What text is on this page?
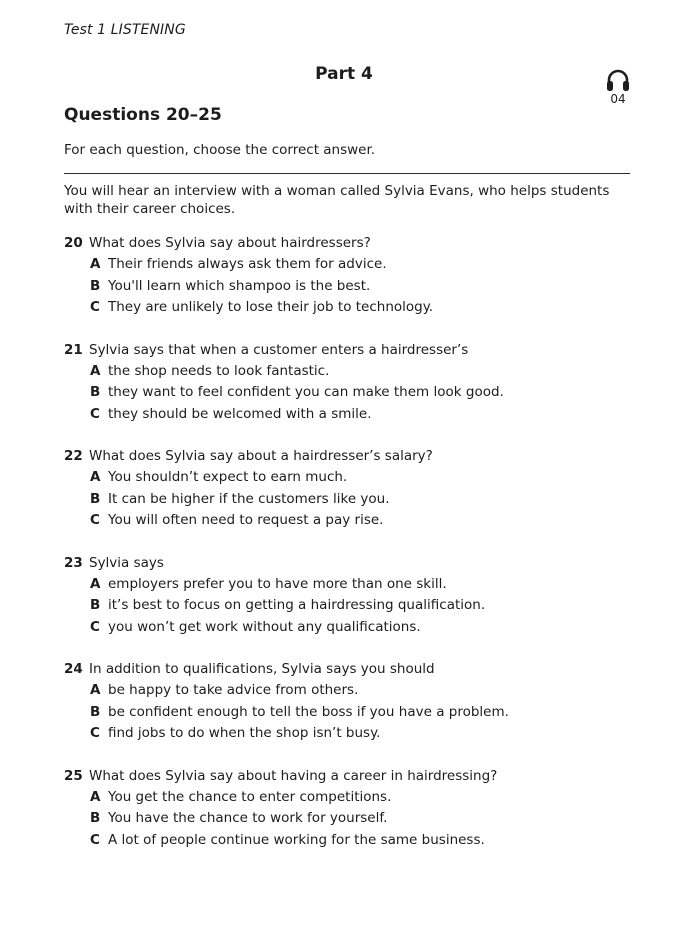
Test 1 LISTENING
Part 4
04
Questions 20–25
For each question, choose the correct answer.
You will hear an interview with a woman called Sylvia Evans, who helps students with their career choices.
20 What does Sylvia say about hairdressers?
A Their friends always ask them for advice.
B You'll learn which shampoo is the best.
C They are unlikely to lose their job to technology.
21 Sylvia says that when a customer enters a hairdresser’s
A the shop needs to look fantastic.
B they want to feel confident you can make them look good.
C they should be welcomed with a smile.
22 What does Sylvia say about a hairdresser’s salary?
A You shouldn’t expect to earn much.
B It can be higher if the customers like you.
C You will often need to request a pay rise.
23 Sylvia says
A employers prefer you to have more than one skill.
B it’s best to focus on getting a hairdressing qualification.
C you won’t get work without any qualifications.
24 In addition to qualifications, Sylvia says you should
A be happy to take advice from others.
B be confident enough to tell the boss if you have a problem.
C find jobs to do when the shop isn’t busy.
25 What does Sylvia say about having a career in hairdressing?
A You get the chance to enter competitions.
B You have the chance to work for yourself.
C A lot of people continue working for the same business.
